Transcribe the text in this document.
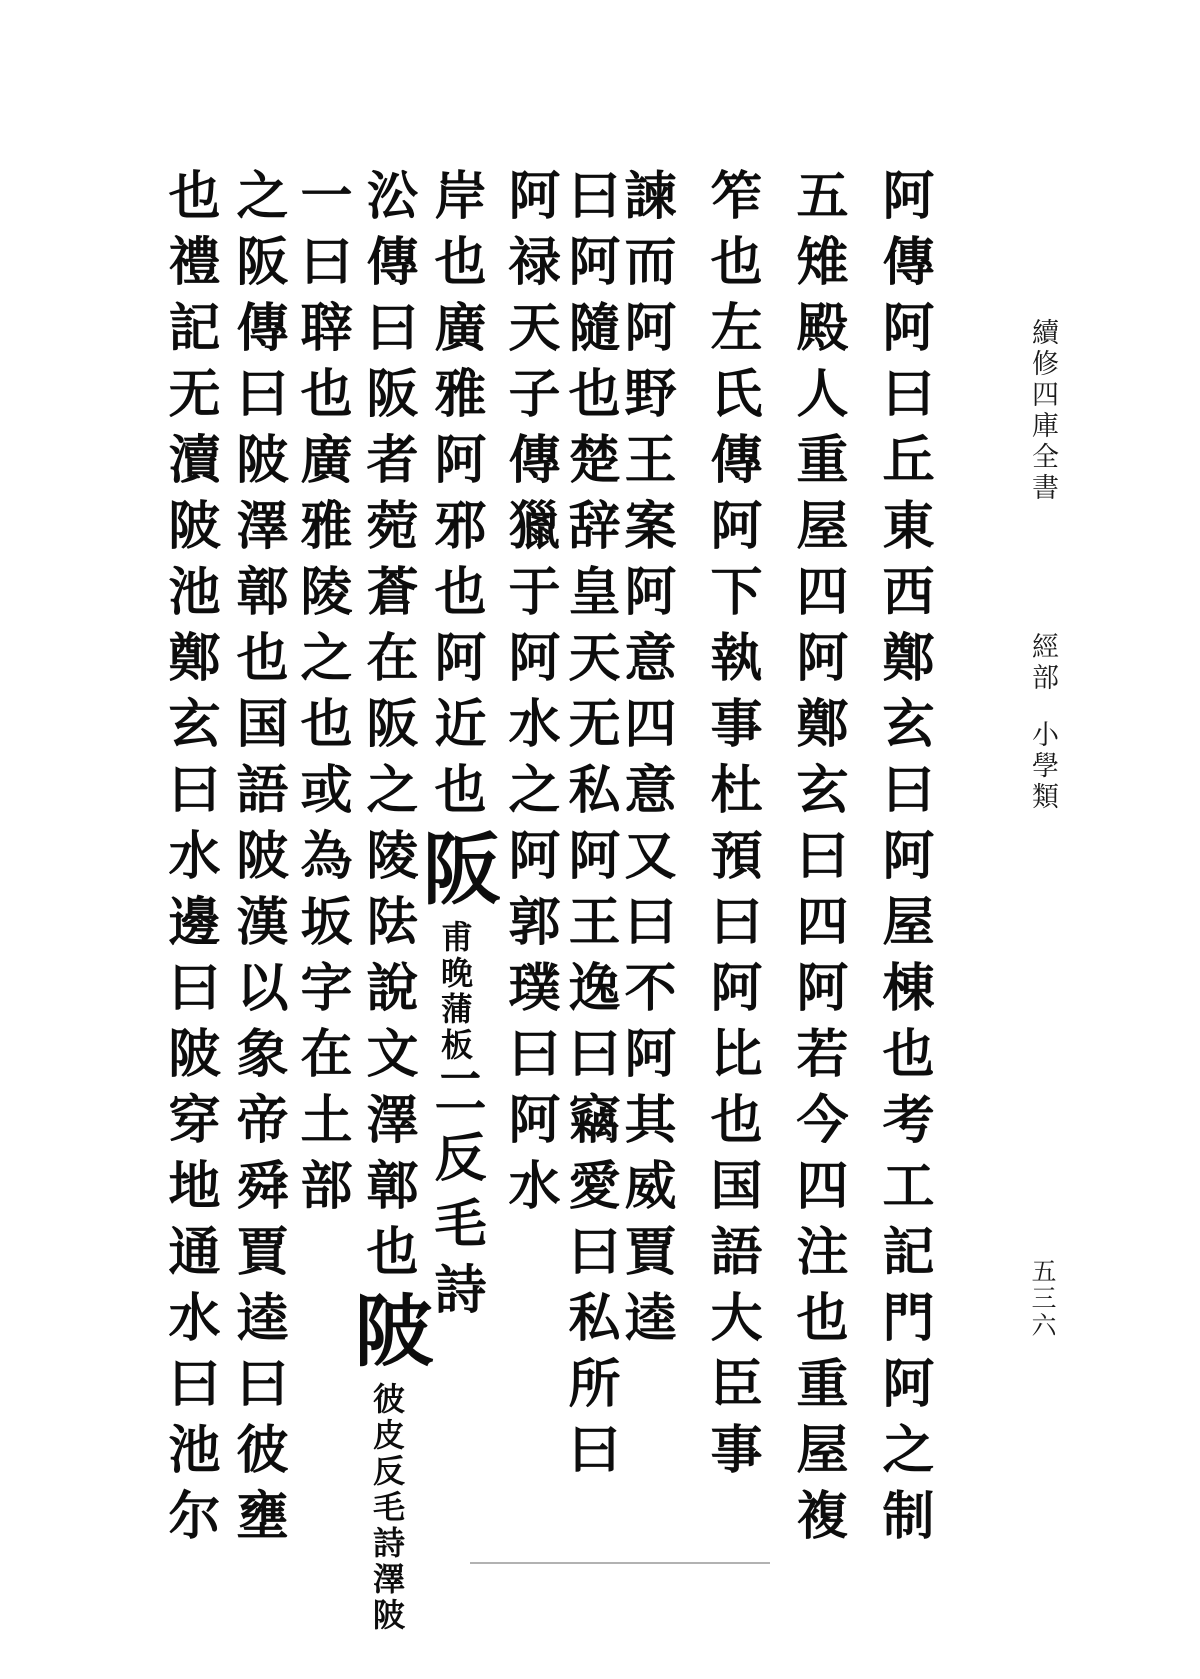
續修四庫全書
經部
小學類
五三六
阿傳阿曰丘東西鄭玄曰阿屋棟也考工記門阿之制
五雉殿人重屋四阿鄭玄曰四阿若今四注也重屋複
笮也左氏傳阿下執事杜預曰阿比也国語大臣事
諫而阿野王案阿意四意又曰不阿其威賈逵
曰阿隨也楚辞皇天无私阿王逸曰竊愛曰私所曰
阿禄天子傳獵于阿水之阿郭璞曰阿水
岸也廣雅阿邪也阿近也阪甫晚蒲板二反毛詩
㳂傳曰阪者菀蒼在阪之陵阹說文澤鄣也陂彼皮反毛詩澤陂
一曰䏁也廣雅陵之也或為坂字在土部
之阪傳曰陂澤鄣也国語陂漢以象帝舜賈逵曰彼壅
也禮記无瀆陂池鄭玄曰水邊曰陂穿地通水曰池尔
